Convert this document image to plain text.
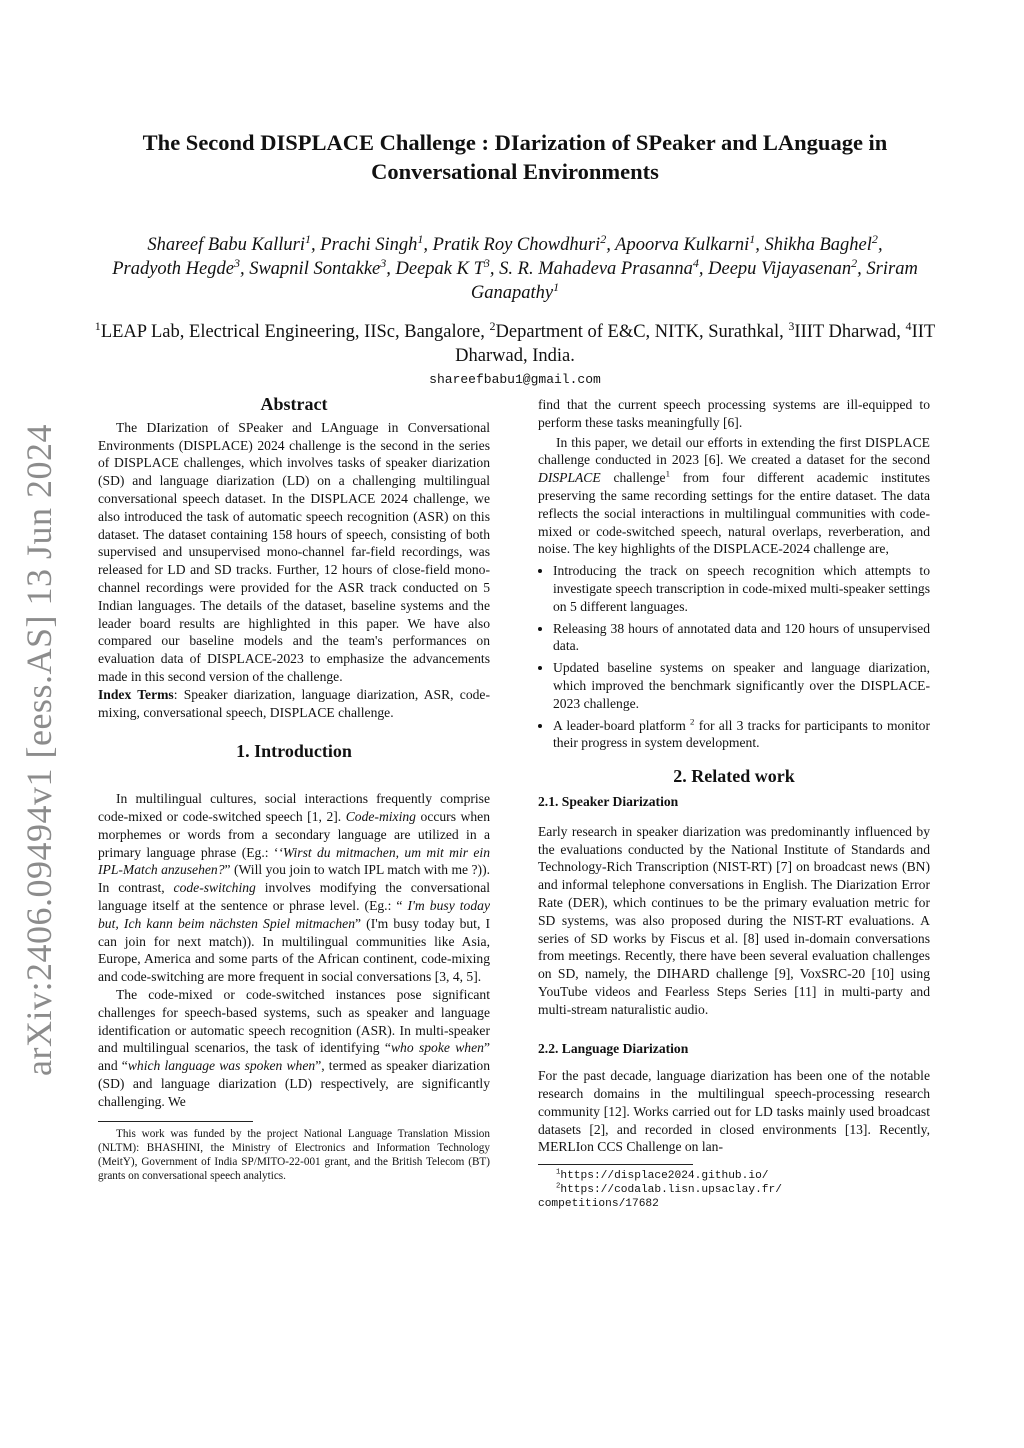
arXiv:2406.09494v1 [eess.AS] 13 Jun 2024
The Second DISPLACE Challenge : DIarization of SPeaker and LAnguage in
Conversational Environments

Shareef Babu Kalluri$^1$, Prachi Singh$^1$, Pratik Roy Chowdhuri$^2$, Apoorva Kulkarni$^1$, Shikha Baghel$^2$,
Pradyoth Hegde$^3$, Swapnil Sontakke$^3$, Deepak K $T^3$, S. R. Mahadeva Prasanna$^4$, Deepu Vijayasenan$^2$, Sriram Ganapathy$^1$

$^1$LEAP Lab, Electrical Engineering, IISc, Bangalore, $^2$Department of E&C, NITK, Surathkal, $^3$IIIT Dharwad, $^4$IIT Dharwad, India.

shareefbabu1@gmail.com

Abstract

The DIarization of SPeaker and LAnguage in Conversational Environments (DISPLACE) 2024 challenge is the second in the series of DISPLACE challenges, which involves tasks of speaker diarization (SD) and language diarization (LD) on a challenging multilingual conversational speech dataset. In the DISPLACE 2024 challenge, we also introduced the task of automatic speech recognition (ASR) on this dataset. The dataset containing 158 hours of speech, consisting of both supervised and unsupervised mono-channel far-field recordings, was released for LD and SD tracks. Further, 12 hours of close-field mono-channel recordings were provided for the ASR track conducted on 5 Indian languages. The details of the dataset, baseline systems and the leader board results are highlighted in this paper. We have also compared our baseline models and the team's performances on evaluation data of DISPLACE-2023 to emphasize the advancements made in this second version of the challenge.

Index Terms: Speaker diarization, language diarization, ASR, code-mixing, conversational speech, DISPLACE challenge.

1. Introduction

In multilingual cultures, social interactions frequently comprise code-mixed or code-switched speech [1, 2]. Code-mixing occurs when morphemes or words from a secondary language are utilized in a primary language phrase (Eg.: ‘‘Wirst du mitmachen, um mit mir ein IPL-Match anzusehen?” (Will you join to watch IPL match with me ?)). In contrast, code-switching involves modifying the conversational language itself at the sentence or phrase level. (Eg.: “ I'm busy today but, Ich kann beim nächsten Spiel mitmachen” (I'm busy today but, I can join for next match)). In multilingual communities like Asia, Europe, America and some parts of the African continent, code-mixing and code-switching are more frequent in social conversations [3, 4, 5].

The code-mixed or code-switched instances pose significant challenges for speech-based systems, such as speaker and language identification or automatic speech recognition (ASR). In multi-speaker and multilingual scenarios, the task of identifying “who spoke when” and “which language was spoken when”, termed as speaker diarization (SD) and language diarization (LD) respectively, are significantly challenging. We

This work was funded by the project National Language Translation Mission (NLTM): BHASHINI, the Ministry of Electronics and Information Technology (MeitY), Government of India SP/MITO-22-001 grant, and the British Telecom (BT) grants on conversational speech analytics.

find that the current speech processing systems are ill-equipped to perform these tasks meaningfully [6].

In this paper, we detail our efforts in extending the first DISPLACE challenge conducted in 2023 [6]. We created a dataset for the second DISPLACE challenge$^1$ from four different academic institutes preserving the same recording settings for the entire dataset. The data reflects the social interactions in multilingual communities with code-mixed or code-switched speech, natural overlaps, reverberation, and noise. The key highlights of the DISPLACE-2024 challenge are,

• Introducing the track on speech recognition which attempts to investigate speech transcription in code-mixed multi-speaker settings on 5 different languages.
• Releasing 38 hours of annotated data and 120 hours of unsupervised data.
• Updated baseline systems on speaker and language diarization, which improved the benchmark significantly over the DISPLACE-2023 challenge.
• A leader-board platform $^2$ for all 3 tracks for participants to monitor their progress in system development.
2. Related work
2.1. Speaker Diarization

Early research in speaker diarization was predominantly influenced by the evaluations conducted by the National Institute of Standards and Technology-Rich Transcription (NIST-RT) [7] on broadcast news (BN) and informal telephone conversations in English. The Diarization Error Rate (DER), which continues to be the primary evaluation metric for SD systems, was also proposed during the NIST-RT evaluations. A series of SD works by Fiscus et al. [8] used in-domain conversations from meetings. Recently, there have been several evaluation challenges on SD, namely, the DIHARD challenge [9], VoxSRC-20 [10] using YouTube videos and Fearless Steps Series [11] in multi-party and multi-stream naturalistic audio.

2.2. Language Diarization

For the past decade, language diarization has been one of the notable research domains in the multilingual speech-processing research community [12]. Works carried out for LD tasks mainly used broadcast datasets [2], and recorded in closed environments [13]. Recently, MERLIon CCS Challenge on lan-

$^1$https://displace2024.github.io/

$^2$https://codalab.lisn.upsaclay.fr/
competitions/17682
